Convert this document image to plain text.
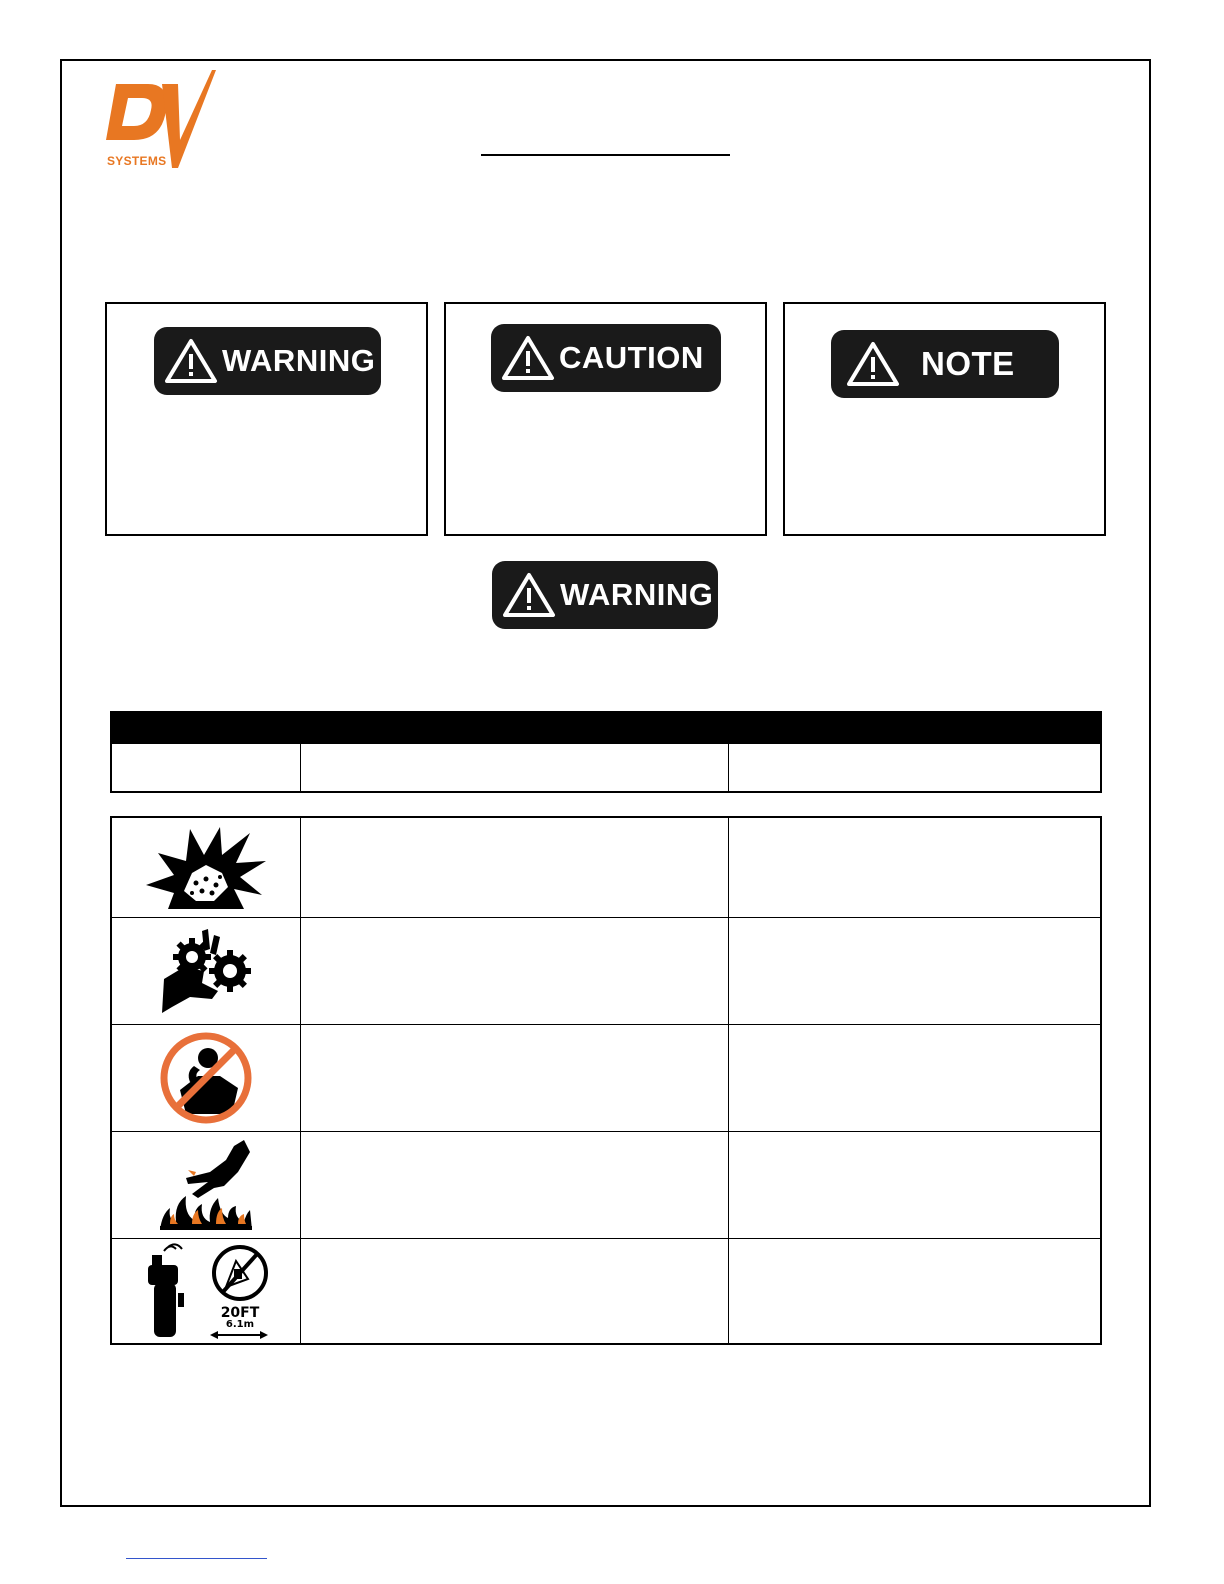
SYSTEMS
WARNING	CAUTION	NOTE
WARNING
20FT
6.1m
